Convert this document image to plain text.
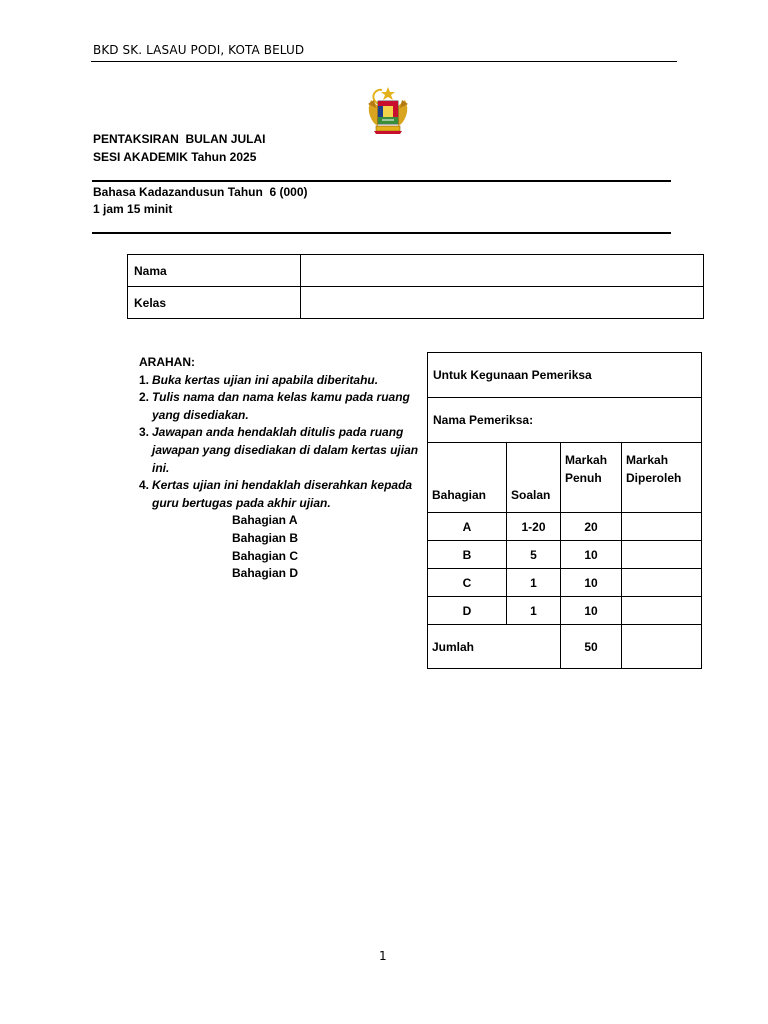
BKD SK. LASAU PODI, KOTA BELUD
PENTAKSIRAN  BULAN JULAI
SESI AKADEMIK Tahun 2025
Bahasa Kadazandusun Tahun  6 (000)
1 jam 15 minit
Nama	
Kelas	
ARAHAN:
1. Buka kertas ujian ini apabila diberitahu.
2. Tulis nama dan nama kelas kamu pada ruang yang disediakan.
3. Jawapan anda hendaklah ditulis pada ruang jawapan yang disediakan di dalam kertas ujian ini.
4. Kertas ujian ini hendaklah diserahkan kepada guru bertugas pada akhir ujian.
Bahagian A
Bahagian B
Bahagian C
Bahagian D
Untuk Kegunaan Pemeriksa			
Nama Pemeriksa:			
Bahagian	Soalan	Markah Penuh	Markah Diperoleh
A	1-20	20	
B	5	10	
C	1	10	
D	1	10	
Jumlah		50	
1
